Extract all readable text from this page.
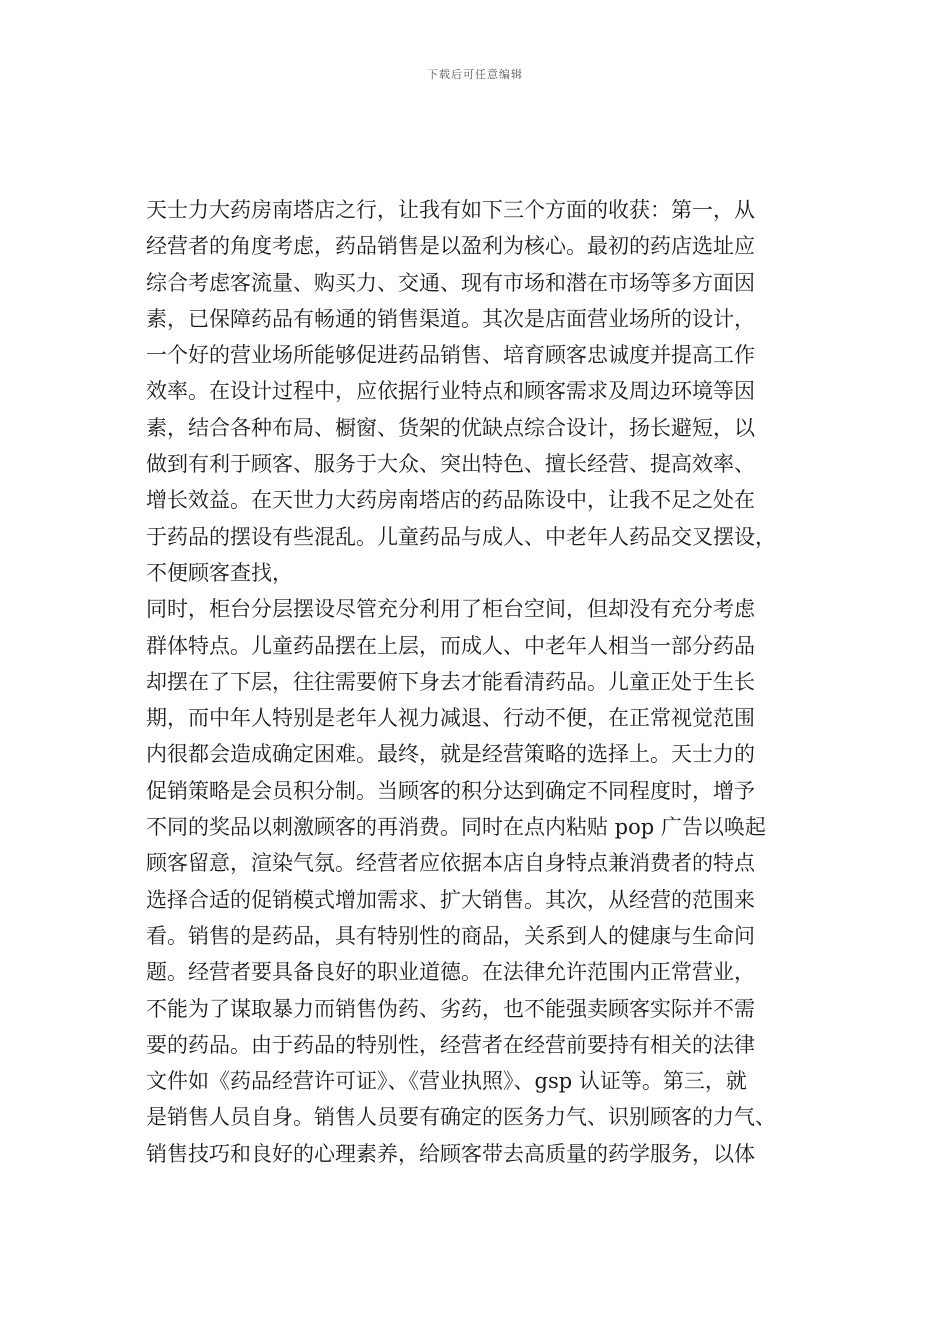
下载后可任意编辑
天士力大药房南塔店之行，让我有如下三个方面的收获：第一，从
经营者的角度考虑，药品销售是以盈利为核心。最初的药店选址应
综合考虑客流量、购买力、交通、现有市场和潜在市场等多方面因
素，已保障药品有畅通的销售渠道。其次是店面营业场所的设计，
一个好的营业场所能够促进药品销售、培育顾客忠诚度并提高工作
效率。在设计过程中，应依据行业特点和顾客需求及周边环境等因
素，结合各种布局、橱窗、货架的优缺点综合设计，扬长避短，以
做到有利于顾客、服务于大众、突出特色、擅长经营、提高效率、
增长效益。在天世力大药房南塔店的药品陈设中，让我不足之处在
于药品的摆设有些混乱。儿童药品与成人、中老年人药品交叉摆设，
不便顾客查找，
同时，柜台分层摆设尽管充分利用了柜台空间，但却没有充分考虑
群体特点。儿童药品摆在上层，而成人、中老年人相当一部分药品
却摆在了下层，往往需要俯下身去才能看清药品。儿童正处于生长
期，而中年人特别是老年人视力减退、行动不便，在正常视觉范围
内很都会造成确定困难。最终，就是经营策略的选择上。天士力的
促销策略是会员积分制。当顾客的积分达到确定不同程度时，增予
不同的奖品以刺激顾客的再消费。同时在点内粘贴 pop 广告以唤起
顾客留意，渲染气氛。经营者应依据本店自身特点兼消费者的特点
选择合适的促销模式增加需求、扩大销售。其次，从经营的范围来
看。销售的是药品，具有特别性的商品，关系到人的健康与生命问
题。经营者要具备良好的职业道德。在法律允许范围内正常营业，
不能为了谋取暴力而销售伪药、劣药，也不能强卖顾客实际并不需
要的药品。由于药品的特别性，经营者在经营前要持有相关的法律
文件如《药品经营许可证》、《营业执照》、gsp 认证等。第三，就
是销售人员自身。销售人员要有确定的医务力气、识别顾客的力气、
销售技巧和良好的心理素养，给顾客带去高质量的药学服务，以体
